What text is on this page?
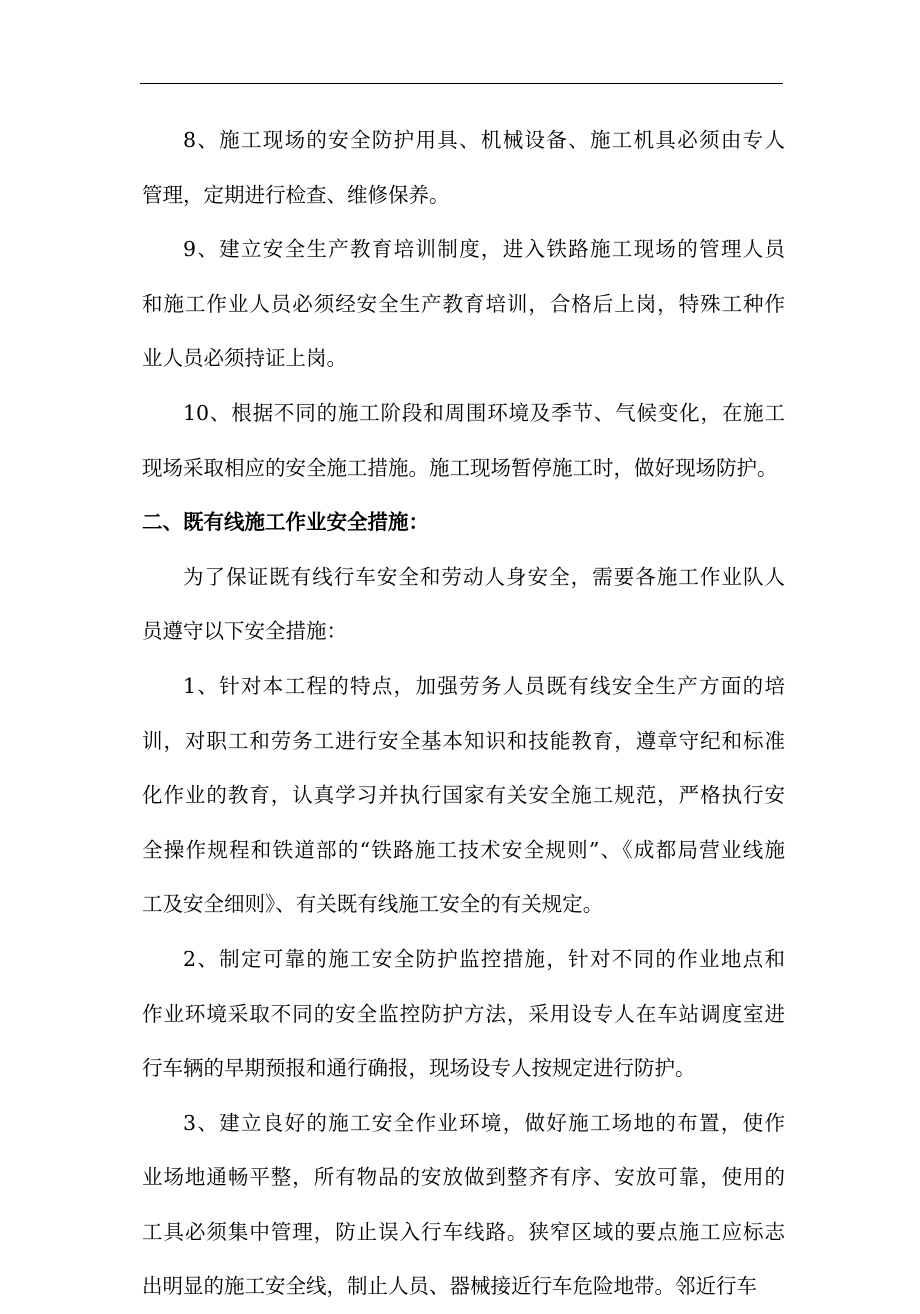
8、施工现场的安全防护用具、机械设备、施工机具必须由专人
管理，定期进行检查、维修保养。
9、建立安全生产教育培训制度，进入铁路施工现场的管理人员
和施工作业人员必须经安全生产教育培训，合格后上岗，特殊工种作
业人员必须持证上岗。
10、根据不同的施工阶段和周围环境及季节、气候变化，在施工
现场采取相应的安全施工措施。施工现场暂停施工时，做好现场防护。
二、既有线施工作业安全措施：
为了保证既有线行车安全和劳动人身安全，需要各施工作业队人
员遵守以下安全措施：
1、针对本工程的特点，加强劳务人员既有线安全生产方面的培
训，对职工和劳务工进行安全基本知识和技能教育，遵章守纪和标准
化作业的教育，认真学习并执行国家有关安全施工规范，严格执行安
全操作规程和铁道部的“铁路施工技术安全规则”、《成都局营业线施
工及安全细则》、有关既有线施工安全的有关规定。
2、制定可靠的施工安全防护监控措施，针对不同的作业地点和
作业环境采取不同的安全监控防护方法，采用设专人在车站调度室进
行车辆的早期预报和通行确报，现场设专人按规定进行防护。
3、建立良好的施工安全作业环境，做好施工场地的布置，使作
业场地通畅平整，所有物品的安放做到整齐有序、安放可靠，使用的
工具必须集中管理，防止误入行车线路。狭窄区域的要点施工应标志
出明显的施工安全线，制止人员、器械接近行车危险地带。邻近行车
